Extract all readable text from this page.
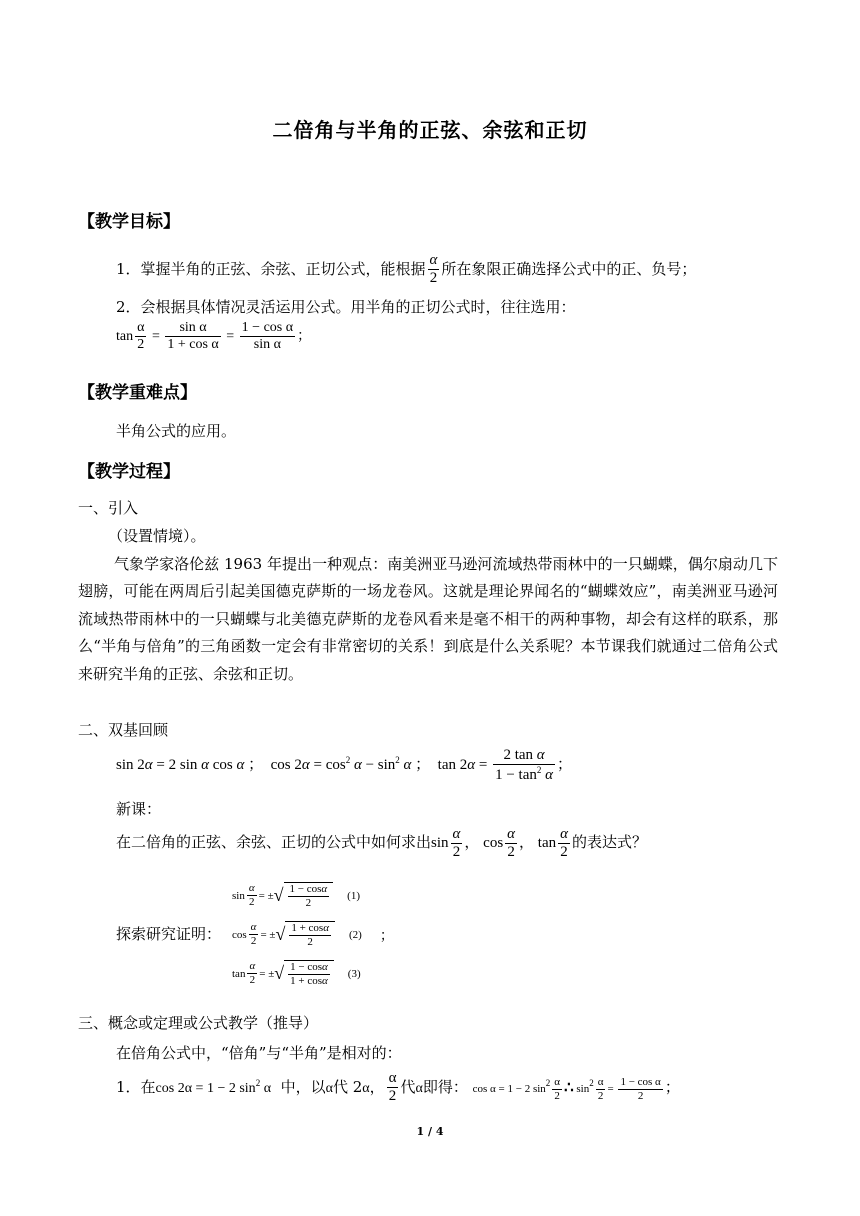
二倍角与半角的正弦、余弦和正切
【教学目标】
1．掌握半角的正弦、余弦、正切公式，能根据 $\frac{\alpha}{2}$ 所在象限正确选择公式中的正、负号；
2．会根据具体情况灵活运用公式。用半角的正切公式时，往往选用：
$\tan \frac{\alpha}{2} = \frac{\text{sin α}}{\text{1 + cos α}} = \frac{\text{1 − cos α}}{\text{sin α}}$ ；
【教学重难点】
半角公式的应用。
【教学过程】
一、引入
（设置情境）。
气象学家洛伦兹 1963 年提出一种观点：南美洲亚马逊河流域热带雨林中的一只蝴蝶，偶尔扇动几下翅膀，可能在两周后引起美国德克萨斯的一场龙卷风。这就是理论界闻名的“蝴蝶效应”，南美洲亚马逊河流域热带雨林中的一只蝴蝶与北美德克萨斯的龙卷风看来是毫不相干的两种事物，却会有这样的联系，那么“半角与倍角”的三角函数一定会有非常密切的关系！到底是什么关系呢？本节课我们就通过二倍角公式来研究半角的正弦、余弦和正切。
二、双基回顾
sin 2α = 2 sin α cos α ；  $\cos 2\alpha = \cos^2 \alpha - \sin^2 \alpha$ ；  $\tan 2\alpha = \frac{\text{2 tan α}}{1 - \tan^2 \alpha}$ ；
新课：
在二倍角的正弦、余弦、正切的公式中如何求出$\sin \frac{\alpha}{2}$ ， $\cos \frac{\alpha}{2}$ ， $\tan \frac{\alpha}{2}$ 的表达式？
探索研究证明：
$\sin \frac{\alpha}{2}$ = ± √ $\frac{1 - \cos\alpha}{2} (1)$
$\cos \frac{\alpha}{2}$ = ± √ $\frac{1 + \cos\alpha}{2} (2)$ ；
$\tan \frac{\alpha}{2}$ = ± √ $\frac{1 - \cos\alpha}{1 + \cos\alpha} (3)$
三、概念或定理或公式教学（推导）
在倍角公式中，“倍角”与“半角”是相对的：
1．在cos 2α = 1 − 2 $\sin^2 \alpha$ 中，以α代 2α， $\frac{\alpha}{2}$ 代α即得： cos α = 1 − 2 $\sin^2 \frac{\alpha}{2}$ ∴ $\sin^2 \frac{\alpha}{2} = \frac{\text{1 − cos α}}{2}$ ；
1 / 4
